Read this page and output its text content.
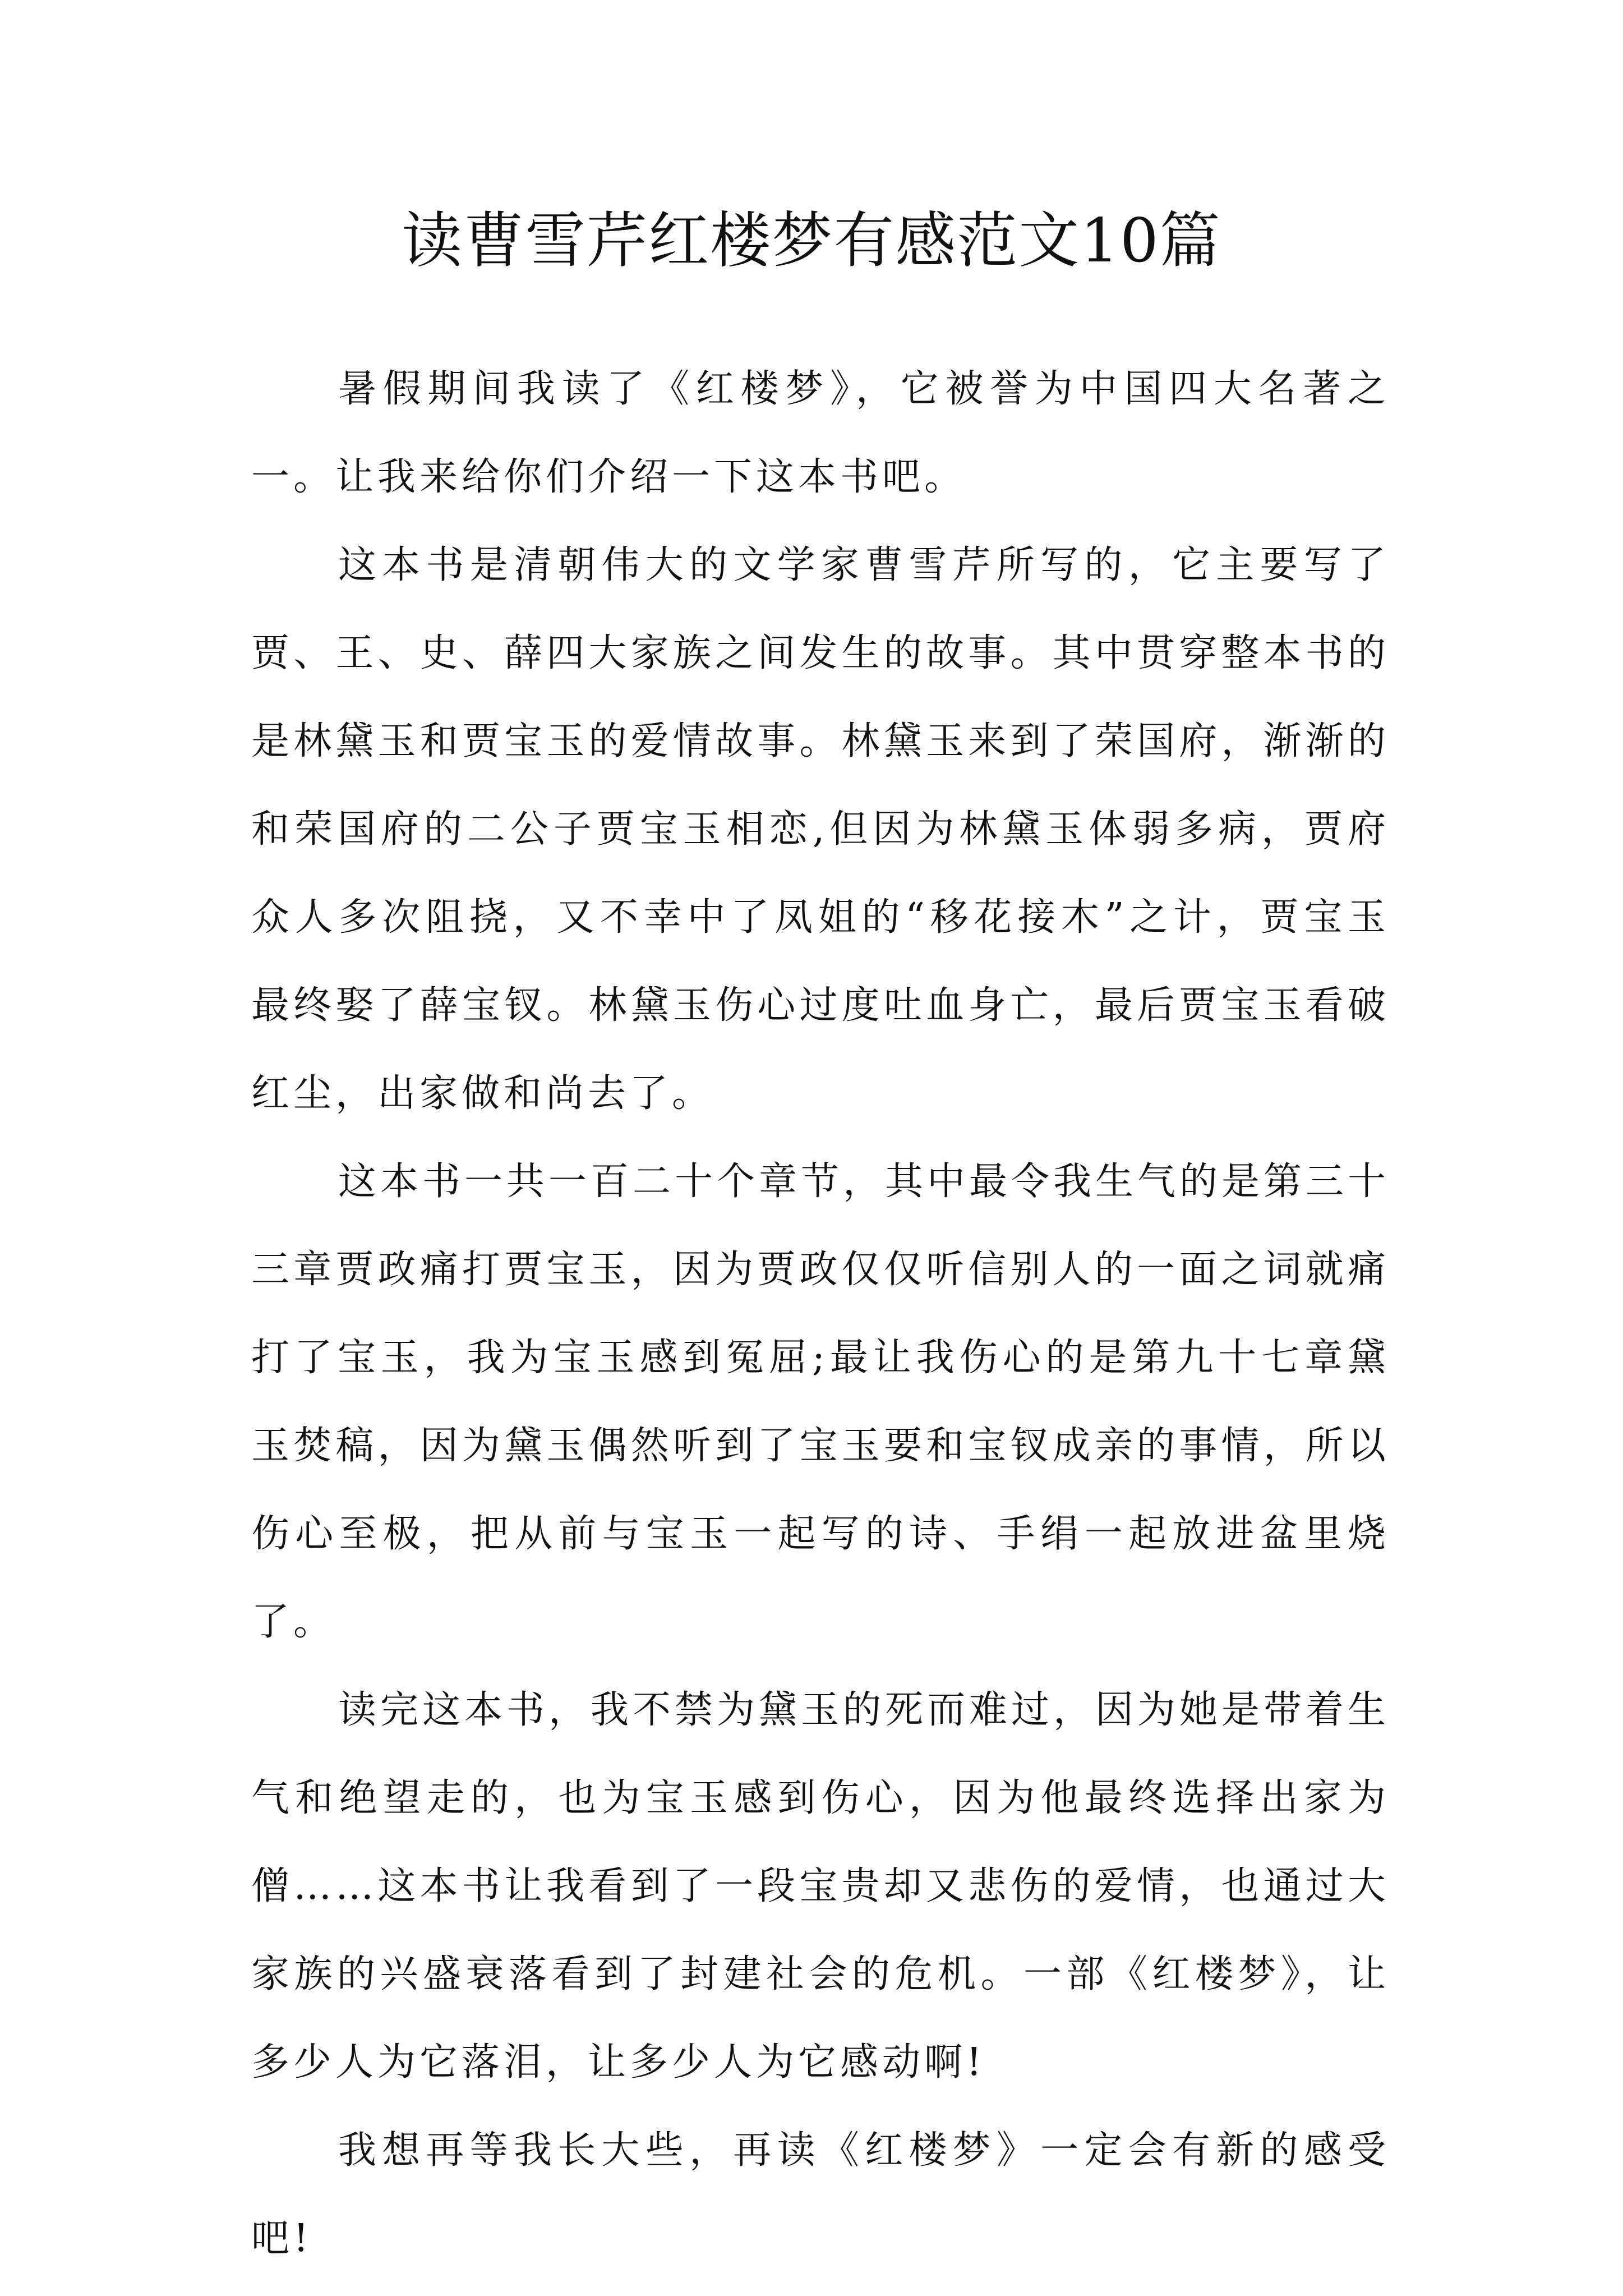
读曹雪芹红楼梦有感范文10篇

暑假期间我读了《红楼梦》，它被誉为中国四大名著之一。让我来给你们介绍一下这本书吧。

这本书是清朝伟大的文学家曹雪芹所写的，它主要写了贾、王、史、薛四大家族之间发生的故事。其中贯穿整本书的是林黛玉和贾宝玉的爱情故事。林黛玉来到了荣国府，渐渐的和荣国府的二公子贾宝玉相恋,但因为林黛玉体弱多病，贾府众人多次阻挠，又不幸中了凤姐的“移花接木”之计，贾宝玉最终娶了薛宝钗。林黛玉伤心过度吐血身亡，最后贾宝玉看破红尘，出家做和尚去了。

这本书一共一百二十个章节，其中最令我生气的是第三十三章贾政痛打贾宝玉，因为贾政仅仅听信别人的一面之词就痛打了宝玉，我为宝玉感到冤屈;最让我伤心的是第九十七章黛玉焚稿，因为黛玉偶然听到了宝玉要和宝钗成亲的事情，所以伤心至极，把从前与宝玉一起写的诗、手绢一起放进盆里烧了。

读完这本书，我不禁为黛玉的死而难过，因为她是带着生气和绝望走的，也为宝玉感到伤心，因为他最终选择出家为僧……这本书让我看到了一段宝贵却又悲伤的爱情，也通过大家族的兴盛衰落看到了封建社会的危机。一部《红楼梦》，让多少人为它落泪，让多少人为它感动啊!

我想再等我长大些，再读《红楼梦》一定会有新的感受吧!
